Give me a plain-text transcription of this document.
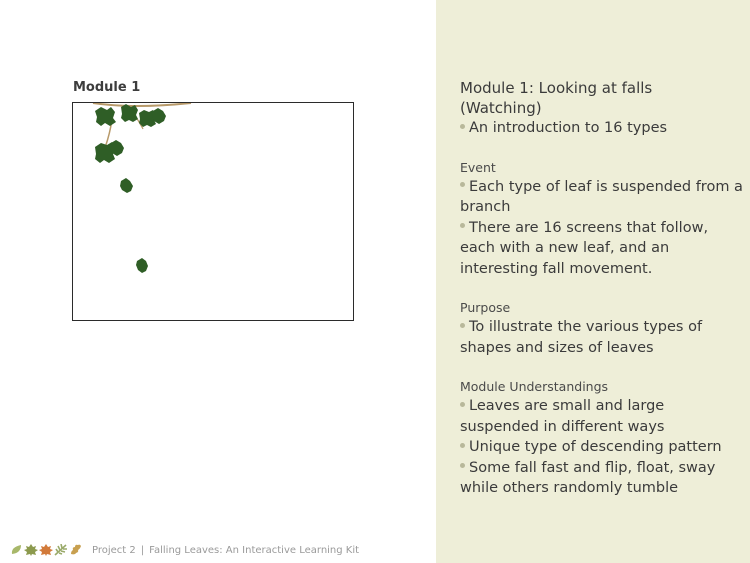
Module 1	Module 1: Looking at falls
(Watching)
An introduction to 16 types
Event
Each type of leaf is suspended from a branch
There are 16 screens that follow, each with a new leaf, and an interesting fall movement.
Purpose
To illustrate the various types of shapes and sizes of leaves
Module Understandings
Leaves are small and large suspended in different ways
Unique type of descending pattern
Some fall fast and flip, float, sway while others randomly tumble
Project 2 | Falling Leaves: An Interactive Learning Kit
